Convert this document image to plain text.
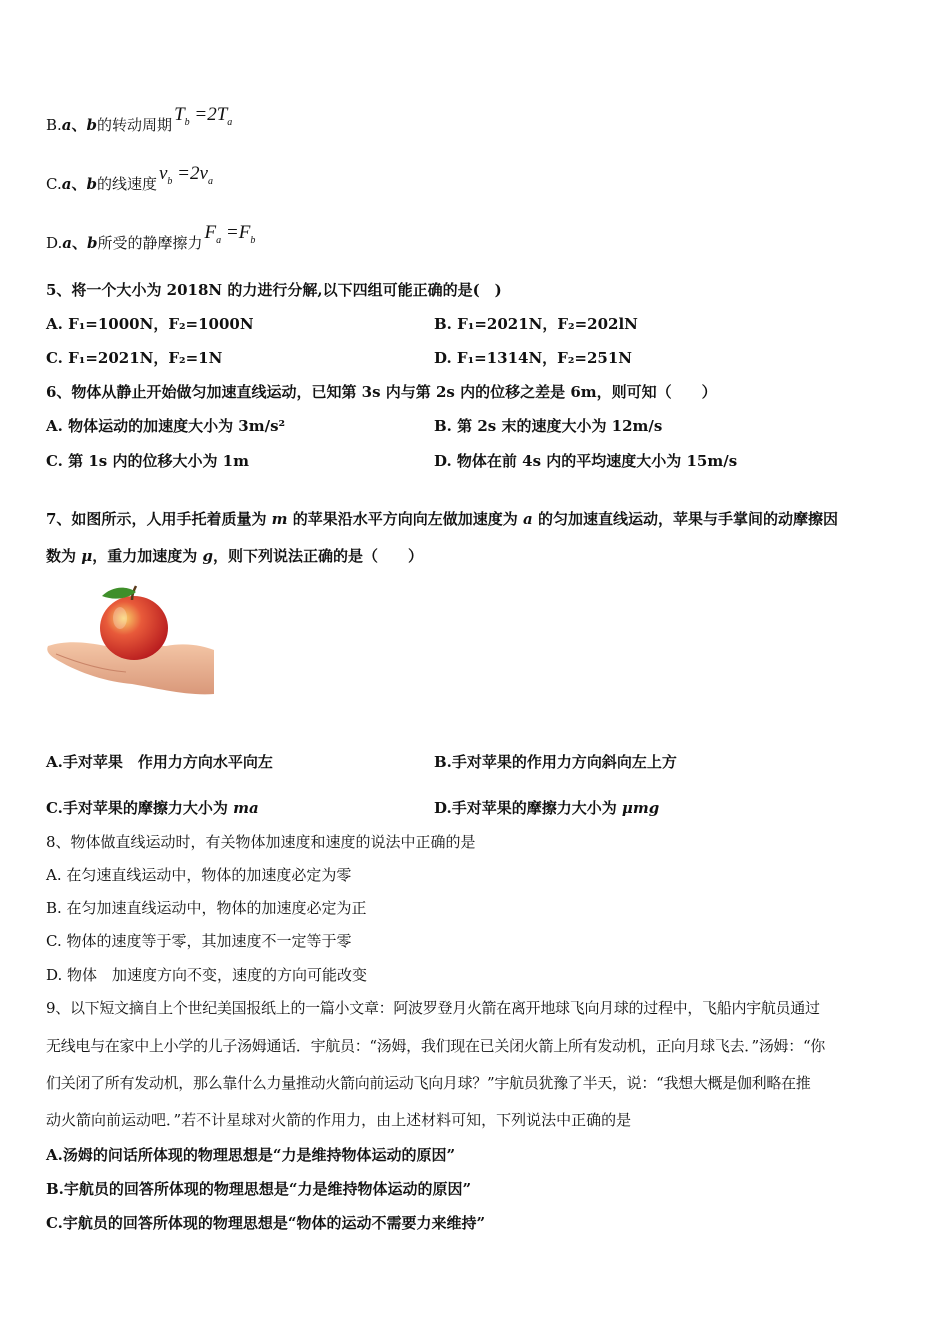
B.a、b的转动周期 $T_b =2T_a$
C.a、b的线速度 $v_b =2v_a$
D.a、b所受的静摩擦力 $F_a =F_b$
5、将一个大小为 2018N 的力进行分解,以下四组可能正确的是(　)
A. F₁=1000N，F₂=1000N	B. F₁=2021N，F₂=202lN
C. F₁=2021N，F₂=1N	D. F₁=1314N，F₂=251N
6、物体从静止开始做匀加速直线运动，已知第 3s 内与第 2s 内的位移之差是 6m，则可知（　　）
A. 物体运动的加速度大小为 3m/s²	B. 第 2s 末的速度大小为 12m/s
C. 第 1s 内的位移大小为 1m	D. 物体在前 4s 内的平均速度大小为 15m/s
7、如图所示，人用手托着质量为 m 的苹果沿水平方向向左做加速度为 a 的匀加速直线运动，苹果与手掌间的动摩擦因
数为 μ，重力加速度为 g，则下列说法正确的是（　　）
A.手对苹果　作用力方向水平向左	B.手对苹果的作用力方向斜向左上方
C.手对苹果的摩擦力大小为 ma	D.手对苹果的摩擦力大小为 μmg
8、物体做直线运动时，有关物体加速度和速度的说法中正确的是
A. 在匀速直线运动中，物体的加速度必定为零
B. 在匀加速直线运动中，物体的加速度必定为正
C. 物体的速度等于零，其加速度不一定等于零
D. 物体　加速度方向不变，速度的方向可能改变
9、以下短文摘自上个世纪美国报纸上的一篇小文章：阿波罗登月火箭在离开地球飞向月球的过程中，飞船内宇航员通过
无线电与在家中上小学的儿子汤姆通话．宇航员：“汤姆，我们现在已关闭火箭上所有发动机，正向月球飞去．”汤姆：“你
们关闭了所有发动机，那么靠什么力量推动火箭向前运动飞向月球？”宇航员犹豫了半天，说：“我想大概是伽利略在推
动火箭向前运动吧．”若不计星球对火箭的作用力，由上述材料可知，下列说法中正确的是
A.汤姆的问话所体现的物理思想是“力是维持物体运动的原因”
B.宇航员的回答所体现的物理思想是“力是维持物体运动的原因”
C.宇航员的回答所体现的物理思想是“物体的运动不需要力来维持”
